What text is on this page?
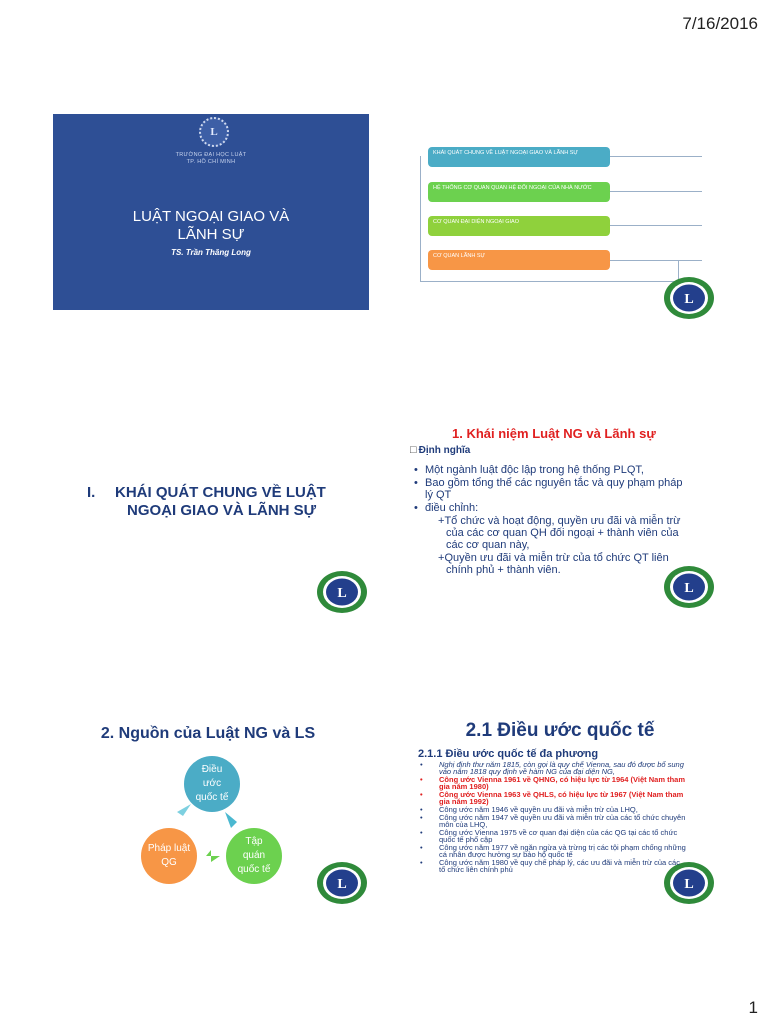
7/16/2016
1
L
TRƯỜNG ĐẠI HỌC LUẬT
TP. HỒ CHÍ MINH
LUẬT NGOẠI GIAO VÀ
LÃNH SỰ
TS. Trần Thăng Long
KHÁI QUÁT CHUNG VỀ LUẬT NGOẠI GIAO VÀ LÃNH SỰ
HỆ THỐNG CƠ QUAN QUAN HỆ ĐỐI NGOẠI CỦA NHÀ NƯỚC
CƠ QUAN ĐẠI DIỆN NGOẠI GIAO
CƠ QUAN LÃNH SỰ
L
L	L
L	L
I. KHÁI QUÁT CHUNG VỀ LUẬT
NGOẠI GIAO VÀ LÃNH SỰ
1. Khái niệm Luật NG và Lãnh sự
□ Định nghĩa
• Một ngành luật độc lập trong hệ thống PLQT,
• Bao gồm tổng thể các nguyên tắc và quy phạm pháp lý QT
• điều chỉnh:
+Tổ chức và hoạt động, quyền ưu đãi và miễn trừ của các cơ quan QH đối ngoại + thành viên của các cơ quan này,
+Quyền ưu đãi và miễn trừ của tổ chức QT liên chính phủ + thành viên.
2. Nguồn của Luật NG và LS
Điều ước quốc tế
Tập quán quốc tế
Pháp luật QG
2.1 Điều ước quốc tế
2.1.1 Điều ước quốc tế đa phương
• Nghị định thư năm 1815, còn gọi là quy chế Vienna, sau đó được bổ sung vào năm 1818 quy định về hàm NG của đại diện NG,
• Công ước Vienna 1961 về QHNG, có hiệu lực từ 1964 (Việt Nam tham gia năm 1980)
• Công ước Vienna 1963 về QHLS, có hiệu lực từ 1967 (Việt Nam tham gia năm 1992)
• Công ước năm 1946 về quyền ưu đãi và miễn trừ của LHQ,
• Công ước năm 1947 về quyền ưu đãi và miễn trừ của các tổ chức chuyên môn của LHQ,
• Công ước Vienna 1975 về cơ quan đại diện của các QG tại các tổ chức quốc tế phổ cập
• Công ước năm 1977 về ngăn ngừa và trừng trị các tội phạm chống những cá nhân được hưởng sự bảo hộ quốc tế
• Công ước năm 1980 về quy chế pháp lý, các ưu đãi và miễn trừ của các tổ chức liên chính phủ
